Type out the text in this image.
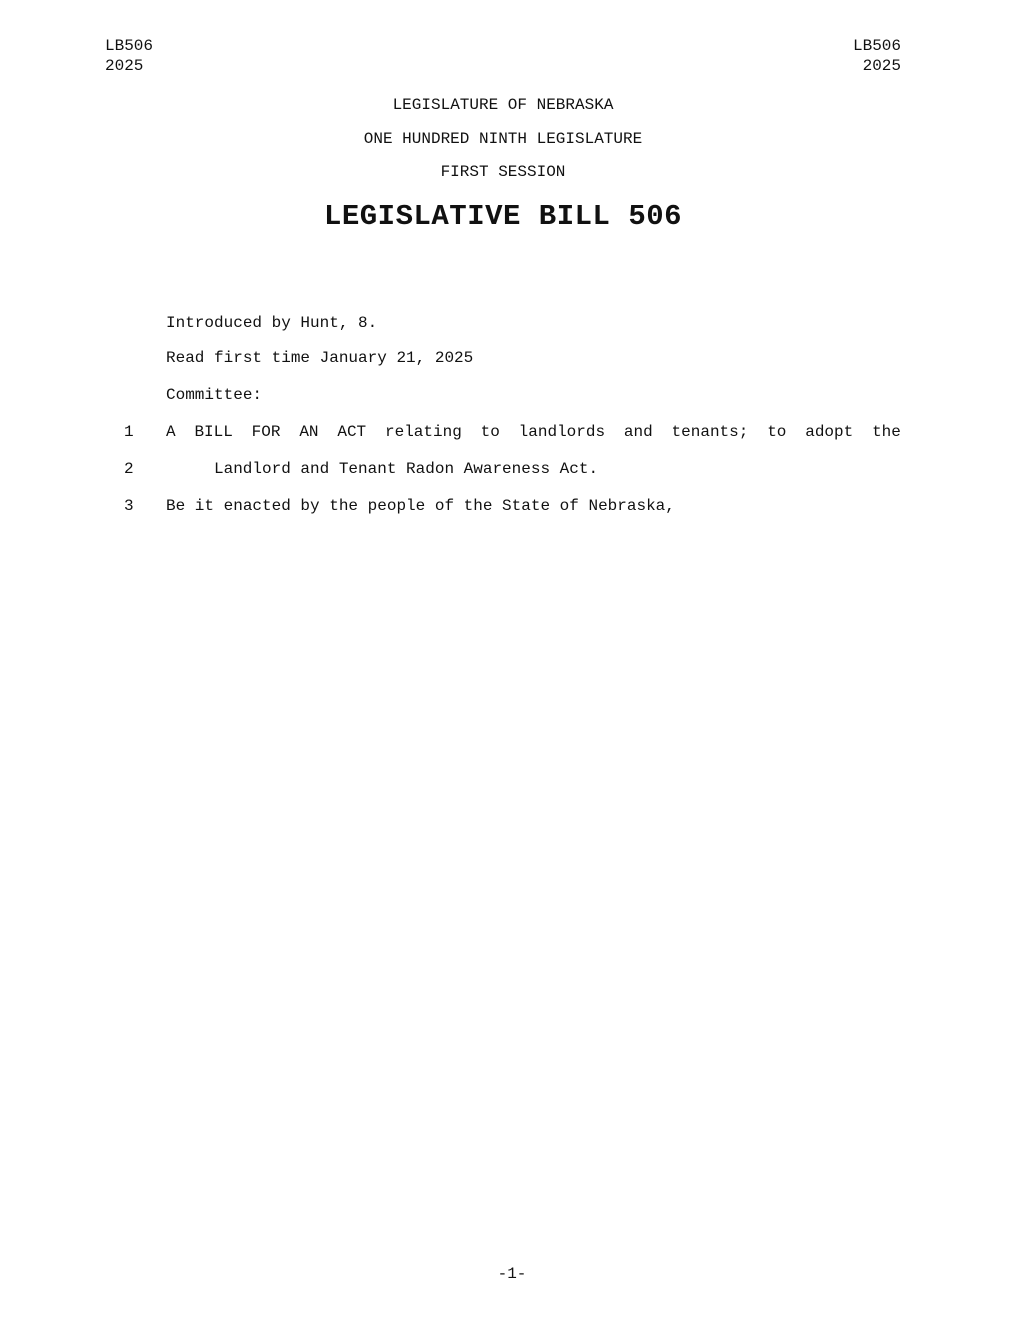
LB506
2025
LB506
2025
LEGISLATURE OF NEBRASKA
ONE HUNDRED NINTH LEGISLATURE
FIRST SESSION
LEGISLATIVE BILL 506
Introduced by Hunt, 8.
Read first time January 21, 2025
Committee:
1 A BILL FOR AN ACT relating to landlords and tenants; to adopt the
2	Landlord and Tenant Radon Awareness Act.
3 Be it enacted by the people of the State of Nebraska,
-1-
